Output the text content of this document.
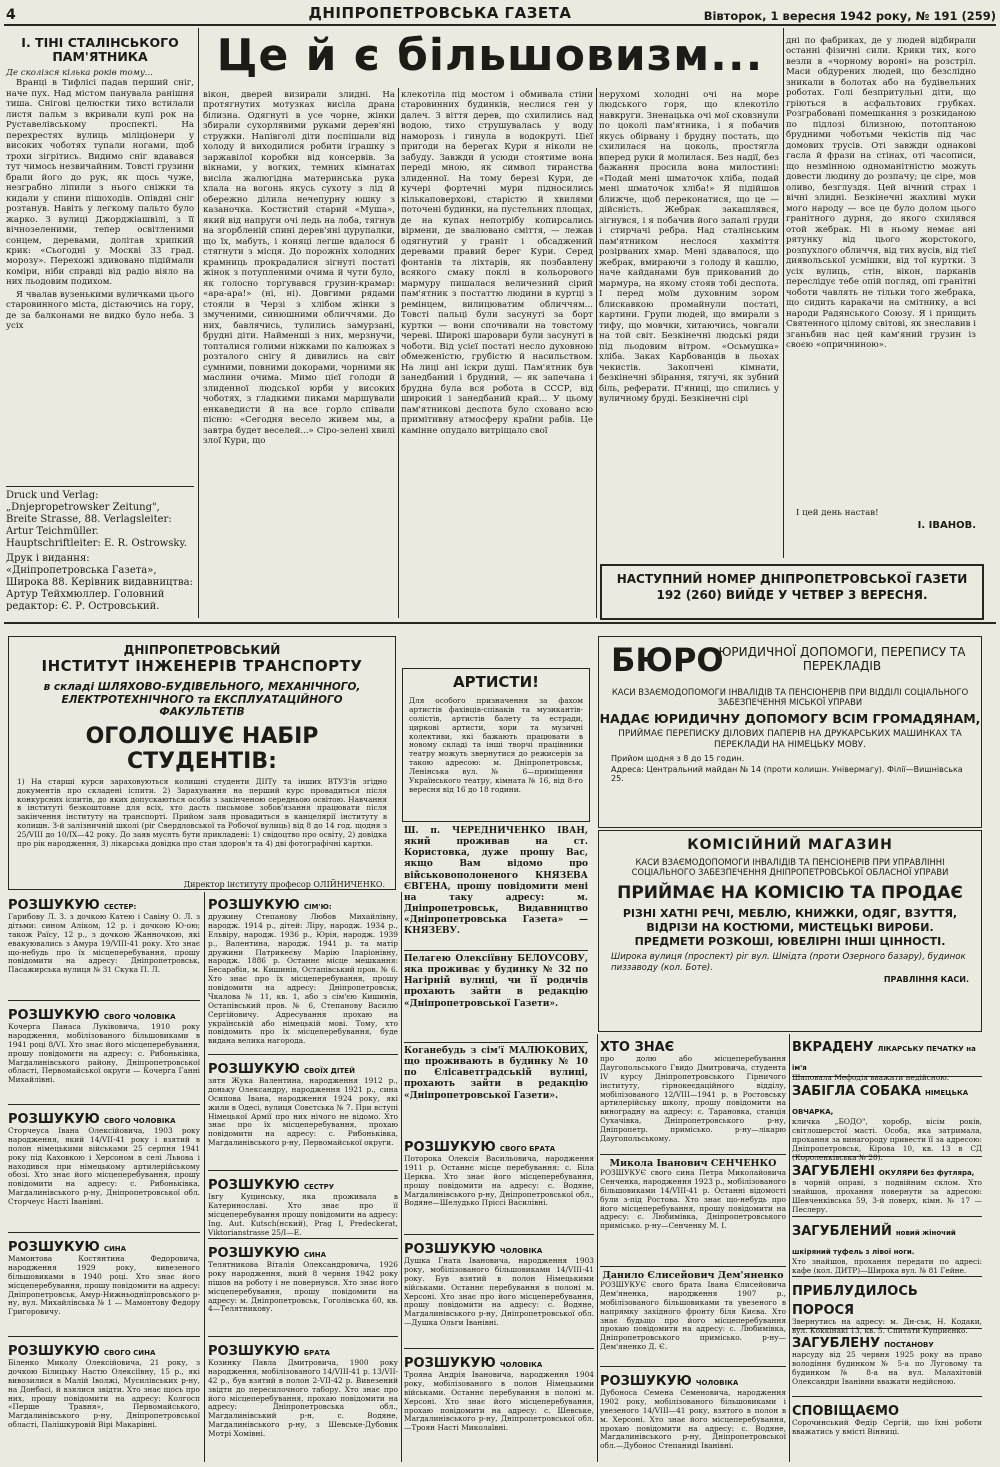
4	ДНІПРОПЕТРОВСЬКА ГАЗЕТА	Вівторок, 1 вересня 1942 року, № 191 (259)
І. ТІНІ СТАЛІНСЬКОГО ПАМ'ЯТНИКА
Де сколізся кілька років тому...
Вранці в Тифлісі падав перший сніг, наче пух. Над містом панувала ранішня тиша. Снігові целюстки тихо встилали листя пальм з вкривали купі рок на Руставелівському проспекті. На перехрестях вулиць міліціонери у високих чоботях тупали ногами, щоб трохи зігрітись. Видимо сніг вдавався тут чимось незвичайним. Товсті грузини брали його до рук, як щось чуже, незграбно ліпили з нього сніжки та кидали у спини пішоходів. Опівдні сніг розтанув. Навіть у легкому пальто було жарко. З вулиці Джорджіашвілі, з її вічнозеленими, тепер освітленими сонцем, деревами, долітав хрипкий крик: «Сьогодні у Москві 33 град. морозу». Перехожі здивовано підіймали коміри, ніби справді від радіо віяло на них льодовим подихом.
Я чвалав вузенькими вуличками цього старовинного міста, дістаючись на гору, де за балконами не видко було неба. З усіх
Druck und Verlag: „Dnjepropetrowsker Zeitung", Breite Strasse, 88. Verlagsleiter: Artur Teichmüller. Hauptschriftleiter: E. R. Ostrowsky.
Друк і видання: «Дніпропетровська Газета», Широка 88. Керівник видавництва: Артур Тейхмюллер. Головний редактор: Є. Р. Островський.
Це й є більшовизм...
вікон, дверей визирали злидні. На протягнутих мотузках висіла драна білизна. Одягнуті в усе чорне, жінки збирали сухорлявими руками дерев'яні стружки. Напівголі діти поспішали від холоду й виходилися робити іграшку з заржавілої коробки від консервів. За вікнами, у вогких, темних кімнатах висіла жалюгідна материнська рука хлала на вогонь якусь сухоту з лід й обережно ділила нечепурну юшку з казаночка. Костистий старий «Мушa», який від напруги очі ледь на лоба, тягнув на згорбленій спині дерев'яні цурупалки, що їх, мабуть, і коняці легше вдалося б стягнути з місця. До порожніх холодних крамниць прокрадалися зігнуті постаті жінок з потупленими очима й чути було, як голосно торгувався грузин-крамар: «ара-ара!» (ні, ні). Довгими рядами стояли в Черзі з хлібом жінки з змученими, синюшними обличчями. До них, бавлячись, тулились замурзані, брудні діти. Найменші з них, мерзнучи, топталися голими ніжками по калюжах з розталого снігу й дивились на світ сумними, повними докорами, чорними як маслини очима. Мимо цієї голоди й злиденної людської юрби у високих чоботях, з гладкими пиками маршували енкаведисти й на все горло співали пісню: «Сегодня весело живем мы, а завтра будет веселей...» Сіро-зелені хвилі злої Кури, що
клекотіла під мостом і обмивала стіни старовинних будинків, неслися ген у далеч. З віття дерев, що схилились над водою, тихо струшувалась у воду наморозь і гинула в водокруті. Цієї пригоди на берегах Кури я ніколи не забуду. Завжди й усюди стоятиме вона переді мною, як символ тиранства злиденної. На тому березі Кури, де кучері фортечні мури підносились кількаповерхові, старістю й хвилями поточені будинки, на пустельних площах, де на купах непотрібу копирсались вірмени, де звалювано сміття, — лежав одягнутий у граніт і обсаджений деревами правий берег Кури. Серед фонтанів та ліхтарів, як позбавлену всякого смаку поклі в кольорового мармуру пишалася величезний сірий пам'ятник з постаттю людини в куртці з ремінцем, вилицюватим обличчям... Товсті пальці були засунуті за борт куртки — вони спочивали на товстому череві. Широкі шаровари були засунуті в чоботи. Від усієї постаті несло духовною обмеженістю, грубістю й насильством. На лиці ані іскри душі. Пам'ятник був занедбаний і брудний, — як запечана і брудна була вся робота в СССР, від широкий і занедбаний край... У цьому пам'ятникові деспота було сховано всю примітивну атмосферу країни рабів. Це камінне опудало витріщало свої
нерухомі холодні очі на море людського горя, що клекотіло навкруги. Зненацька очі мої сковзнули по цоколі пам'ятника, і я побачив якусь обірвану і брудну постать, що схилилася на цоколь, простягла вперед руки й молилася. Без надії, без бажання просила вона милостині: «Подай мені шматочок хліба, подай мені шматочок хліба!» Я підійшов ближче, щоб переконатися, що це — дійсність. Жебрак закашлявся, зігнувся, і я побачив його запалі груди і стирчачі ребра. Над сталінським пам'ятником неслося хахміття розірваних хмар. Мені здавалося, що жебрак, вмираючи з голоду й кашлю, наче кайданами був прикований до мармура, на якому стояв тобі деспота. І перед моїм духовним зором блискавкою промайнули постаті, картини. Групи людей, що вмирали з тифу, що мовчки, хитаючись, човгали на той світ. Безкінечні людські ряди під льодовим вітром. «Осьмушка» хліба. Заках Карбованців в льохах чекистів. Закопчені кімнати, безкінечні збірання, тягучі, як зубний біль, реферати. П'яниці, що спились у вуличному бруді. Безкінечні сірі
дні по фабриках, де у людей відбирали останні фізичні сили. Крики тих, кого везли в «чорному вороні» на розстріл. Маси обдурених людей, що безслідно зникали в болотах або на будівельних роботах. Голі безпритульні діти, що гріються в асфальтових грубках. Розграбовані помешкання з розкиданою по підлозі білизною, потоптаною брудними чоботьми чекістів під час домових трусів. Оті завжди однакові гасла й фрази на стінах, оті часописи, що незмінною одноманітністю можуть довести людину до розпачу; це сіре, мов оливо, безглуздя. Цей вічний страх і вічні злидні. Безкінечні жахливі муки мого народу — все це було долом цього гранітного дурня, до якого схилявся отой жебрак. Ні в ньому немає ані рятунку від цього жорстокого, розпухлого обличчя, від тих вусів, від тієї диявольської усмішки, від тої куртки. З усіх вулиць, стін, вікон, парканів переслідує тебе опій погляд, опі гранітні чоботи чавлять не тільки того жебрака, що сидить каракачи на смітнику, а всі народи Радянського Союзу. Я і прищить Святенного цілому світові, як знеславив і зганьбив нас цей кам'яний грузин із своєю «опричниною».
І цей день настав!
І. ІВАНОВ.
НАСТУПНИЙ НОМЕР ДНІПРОПЕТРОВСЬКОЇ ГАЗЕТИ 192 (260) ВИЙДЕ У ЧЕТВЕР 3 ВЕРЕСНЯ.
ДНІПРОПЕТРОВСЬКИЙ
ІНСТИТУТ ІНЖЕНЕРІВ ТРАНСПОРТУ
в складі ШЛЯХОВО-БУДІВЕЛЬНОГО, МЕХАНІЧНОГО, ЕЛЕКТРОТЕХНІЧНОГО та ЕКСПЛУАТАЦІЙНОГО ФАКУЛЬТЕТІВ
ОГОЛОШУЄ НАБІР СТУДЕНТІВ:
1) На старші курси зараховуються колишні студенти ДІІТу та інших ВТУЗ'ів згідно документів про складені іспити. 2) Зарахування на перший курс провадиться після конкурсних іспитів, до яких допускаються особи з закінченою середньою освітою. Навчання в інституті безкоштовне для всіх, хто дасть письмове зобов'язання працювати після закінчення інституту на транспорті. Прийом заяв провадиться в канцелярії інституту в колишн. З-й залізничній школі (ріг Свердловської та Робочої вулиць) від 8 до 14 год. щодня з 25/VIII до 10/IX—42 року. До заяв мусять бути прикладені: 1) свідоцтво про освіту, 2) довідка про рік народження, 3) лікарська довідка про стан здоров'я та 4) дві фотографічні картки.
Директор інституту професор ОЛІЙНИЧЕНКО.
АРТИСТИ!
Для особого призначення за фахом артистів фахівців-співаків та музикантів-солістів, артистів балету та естради, циркові артисти, хори та музичні колективи, які бажають працювати в новому складі та інші творчі працівники театру можуть звернутися до режисерів за такою адресою: м. Дніпропетровськ, Ленінська вул. № 6—приміщення Українського театру, кімната № 16, від 8-го вересня від 16 до 18 години.
БЮРО
ЮРИДИЧНОЇ ДОПОМОГИ, ПЕРЕПИСУ ТА ПЕРЕКЛАДІВ
КАСИ ВЗАЄМОДОПОМОГИ ІНВАЛІДІВ ТА ПЕНСІОНЕРІВ ПРИ ВІДДІЛІ СОЦІАЛЬНОГО ЗАБЕЗПЕЧЕННЯ МІСЬКОЇ УПРАВИ
НАДАЄ ЮРИДИЧНУ ДОПОМОГУ ВСІМ ГРОМАДЯНАМ,
ПРИЙМАЄ ПЕРЕПИСКУ ДІЛОВИХ ПАПЕРІВ НА ДРУКАРСЬКИХ МАШИНКАХ ТА ПЕРЕКЛАДИ НА НІМЕЦЬКУ МОВУ.
Прийом щодня з 8 до 15 годин.
Адреса: Центральний майдан № 14 (проти колишн. Універмагу). Філії—Вишнівська 25.
Ш. п. ЧЕРЕДНИЧЕНКО ІВАН, який проживав на ст. Користовка, дуже прошу Вас, якщо Вам відомо про військовополоненого КНЯЗЕВА ЄВГЕНА, прошу повідомити мені на таку адресу: м. Дніпропетровськ, Видавництво «Дніпропетровська Газета» — КНЯЗЕВУ.
Пелагею Олексіївну БЕЛОУСОВУ, яка проживає у будинку № 32 по Нагірній вулиці, чи її родичів прохають зайти в редакцію «Дніпропетровської Газети».
Коганебудь з сім'ї МАЛЮКОВИХ, що проживають в будинку № 10 по Єлісаветградській вулиці, прохають зайти в редакцію «Дніпропетровської Газети».
КОМІСІЙНИЙ МАГАЗИН
КАСИ ВЗАЄМОДОПОМОГИ ІНВАЛІДІВ ТА ПЕНСІОНЕРІВ ПРИ УПРАВЛІННІ СОЦІАЛЬНОГО ЗАБЕЗПЕЧЕННЯ ДНІПРОПЕТРОВСЬКОЇ ОБЛАСНОЇ УПРАВИ
ПРИЙМАЄ НА КОМІСІЮ ТА ПРОДАЄ
РІЗНІ ХАТНІ РЕЧІ, МЕБЛЮ, КНИЖКИ, ОДЯГ, ВЗУТТЯ, ВІДРІЗИ НА КОСТЮМИ, МИСТЕЦЬКІ ВИРОБИ. ПРЕДМЕТИ РОЗКОШІ, ЮВЕЛІРНІ ІНШІ ЦІННОСТІ.
Широка вулиця (проспект) ріг вул. Шмідта (проти Озерного базару), будинок пиззаводу (кол. Боте).
ПРАВЛІННЯ КАСИ.
РОЗШУКУЮ СЕСТЕР:
Гарибову Л. З. з дочкою Катею і Савіну О. Л. з дітьми: сином Аліком, 12 р. і дочкою Ю-ою; також Раїсу, 12 р., з дочкою Жанночкою, які евакуювались з Амура 19/VIII-41 року. Хто знає що-небудь про їх місцеперебування, прошу повідомити на адресу: Дніпропетровськ, Пасажирська вулиця № 31 Скука П. Л.
РОЗШУКУЮ СВОГО ЧОЛОВІКА
Кочерга Панаса Луківовича, 1910 року народження, мобілізованого більшовиками в 1941 році 8/VI. Хто знає його місцеперебування, прошу повідомити на адресу: с. Рибоньківка, Магдалинівського району, Дніпропетровської області, Первомайської округи — Кочерга Ганні Михайлівні.
РОЗШУКУЮ СВОГО ЧОЛОВІКА
Сторчеуса Івана Олексійовича, 1903 року народження, який 14/VII-41 року і взятий в полон німецькими військами 25 серпня 1941 року під Каховкою і Херсоном в селі Львова і находився при німецькому артилерійському обозі. Хто знає його місцеперебування, прошу повідомити на адресу: с. Рибоньківка, Магдалинівського р-ну, Дніпропетровської обл. Сторчеус Насті Іванівні.
РОЗШУКУЮ СИНА
Мамонтова Костянтина Федоровича, народження 1929 року, вивезеного більшовиками в 1940 році. Хто знає його місцеперебування, прошу повідомити на адресу: Дніпропетровськ, Амур-Нижньодніпровського р-ну, вул. Михайлівська № 1 — Мамонтову Федору Григоровичу.
РОЗШУКУЮ СВОГО СИНА
Біленко Миколу Олексійовича, 21 року, з дочкою Білицьку Настю Олексіївну, 15 р., які вивозилися в Малій Іволжі, Мусилівських р-ну, на Донбасі, й взялися звідти. Хто знає щось про них, прошу повідомити на адресу: Колгосп «Перше Травня», Первомайського, Магдалинівського р-ну, Дніпропетровської області, Палішкуровій Вірі Макарівні.
РОЗШУКУЮ СІМ'Ю:
дружину Степанову Любов Михайлівну, народж. 1914 р., дітей: Ліру, народж. 1934 р., Ельвіру, народж. 1936 р., Юрія, народж. 1939 р., Валентина, народж. 1941 р. та матір дружини Патрикеєву Марію Іларіонівну, народж. 1886 р. Останнє місце мешкання: Бесарабія, м. Кишинів, Остапівський пров. № 6. Хто знає про їх місцеперебування, прошу повідомити на адресу: Дніпропетровськ, Чкалова № 11, кв. 1, або з сім'єю Кишинів, Остапівський пров. № 6, Степанову Василю Сергійовичу. Адресування прохаю на українській або німецькій мові. Тому, хто повідомить про їх місцеперебування, буде видана велика нагорода.
РОЗШУКУЮ СВОЇХ ДІТЕЙ
зятя Жука Валентина, народження 1912 р., доньку Олександру, народження 1921 р., сина Осипова Івана, народження 1924 року, які жили в Одесі, вулиця Совєтська № 7. При вступі Німецької Армії про них нічого не відомо. Хто знає про їх місцеперебування, прохаю повідомити на адресу: с. Рибоньківка, Магдалинівського р-ну, Первомайської округи.
РОЗШУКУЮ СЕСТРУ
Івгу Куцинську, яка проживала в Катеринославі. Хто знає про її місцеперебування прошу повідомити на адресу: Ing. Aut. Kutsch(нский), Prag I, Predeckerat, Viktorianstrasse 25/I—E.
РОЗШУКУЮ СИНА
Телятникова Віталія Олександровича, 1926 року народження, який 8 червня 1942 року пішов на роботу і не повернувся. Хто знає його місцеперебування, прошу повідомити на адресу: м. Дніпропетровськ, Гоголівська 60, кв. 4—Телятникову.
РОЗШУКУЮ БРАТА
Козинку Павла Дмитровича, 1900 року народження, мобілізованого 14/VIII-41 р. 13/VII-42 р., був взятий в полон 2-VII-42 р. Вивезений звідти до пересилочного табору. Хто знає про його місцеперебування, прохаю повідомити на адресу: Дніпропетровська обл., Магдалинівський р-н, с. Водяне, Магдалинівського р-ну, з Шевське-Дубовик Мотрі Хомівні.
РОЗШУКУЮ СВОГО БРАТА
Поторока Олексія Васильовича, народження 1911 р. Останнє місце перебування: с. Біла Церква. Хто знає його місцеперебування, прошу повідомити на адресу: с. Водяне, Магдалинівського р-ну, Дніпропетровської обл., Водяне—Шелудько Пріссі Василівні.
РОЗШУКУЮ ЧОЛОВІКА
Душка Гната Івановича, народження 1903 року, мобілізованого більшовиками 14/VIII-41 року. Був взятий в полон Німецькими військами. Останнє перебування в полоні м. Херсоні. Хто знає про його місцеперебування, прошу повідомити на адресу: с. Водяне, Магдалинівського р-ну, Дніпропетровської обл.—Душка Ольги Іванівні.
РОЗШУКУЮ ЧОЛОВІКА
Трояна Андрія Івановича, народження 1904 року, мобілізованого в полон Німецькими військами. Останнє перебування в полоні м. Херсоні. Хто знає його місцеперебування, прохаю повідомити на адресу: с. Шевське, Магдалинівського р-ну, Дніпропетровської обл.—Троян Насті Миколаївні.
ХТО ЗНАЄ
про долю або місцеперебування Даугопольського Гвидо Дмитровича, студента IV курсу Дніпропетровського Гірничого інституту, гірнокеєдаційного відділу, мобілізованого 12/VIII—1941 р. в Ростовську артилерійську школу, прошу повідомити на виноградну на адресу: с. Тарановка, станція Сухачівка, Дніпропетровського р-ну, Дніпропетр. примісько. р-ну—лікарю Даугопольському.
Микола Іванович СЕНЧЕНКО
РОЗШУКУЄ свого сина Петра Миколайовича Сенченка, народження 1923 р., мобілізованого більшовиками 14/VIII-41 р. Останні відомості були з-під Ростова. Хто знає що-небудь про його місцеперебування, прошу повідомити на адресу: с. Любимівка, Дніпропетровського примісько. р-ну—Сенченку М. І.
Данило Єлисейович Дем'яненко
РОЗШУКУЄ свого брата Івана Єлисейовича Дем'яненка, народження 1907 р., мобілізованого більшовиками та увезеного в напрямку західного фронту біля Києва. Хто знає будьщо про його місцеперебування прохаю повідомити на адресу: с. Любимівка, Дніпропетровського примісько. р-ну—Дем'яненко Д. Є.
РОЗШУКУЮ ЧОЛОВІКА
Дубоноса Семена Семеновича, народження 1902 року, мобілізованого більшовиками і увезеного 14/VIII—41 року, взятого в полон в м. Херсоні. Хто знає його місцеперебування, прохаю повідомити на адресу: с. Водяне, Магдалинівського р-ну, Дніпропетровської обл.—Дубонос Степаниді Іванівні.
ВКРАДЕНУ ЛІКАРСЬКУ ПЕЧАТКУ на ім'я
Шаповала Мефодія вважати недійсною.
ЗАБІГЛА СОБАКА НІМЕЦЬКА ОВЧАРКА,
кличка „БОДО", хоробр, вісім років, світлошерстої масті. Особа, яка затримала, прохання за винагороду привести її за адресою: Дніпропетровськ, Кірова 10, кв. 13 в СД (Короленківська № 20).
ЗАГУБЛЕНІ ОКУЛЯРИ без футляра,
в чорній оправі, з подвійним склом. Хто знайшов, прохання повернути за адресою: Шевченківська 59, 3-й поверх, кімн. № 17 — Песлеру.
ЗАГУБЛЕНИЙ новий жіночий шкіряний туфель з лівої ноги.
Хто знайшов, прохання передати по адресі: кафе (кол. ДИТР)—Широка вул. № 81 Гейне.
ПРИБЛУДИЛОСЬ ПОРОСЯ
Звернутись на адресу: м. Дн-ськ, Н. Кодаки, вул. Коккінакі 13, кв. 5. Спитати Куприєнко.
ЗАГУБЛЕНУ ПОСТАНОВУ
нарсуду від 25 червня 1925 року на право володіння будинком № 5-а по Луговому та будинком № 8-а на вул. Малахітовій Олександри Іванівни вважати недійсною.
СПОВІЩАЄМО
Сорочинський Федір Сергій, що їхні роботи вважатись у вмісті Вінниці.
